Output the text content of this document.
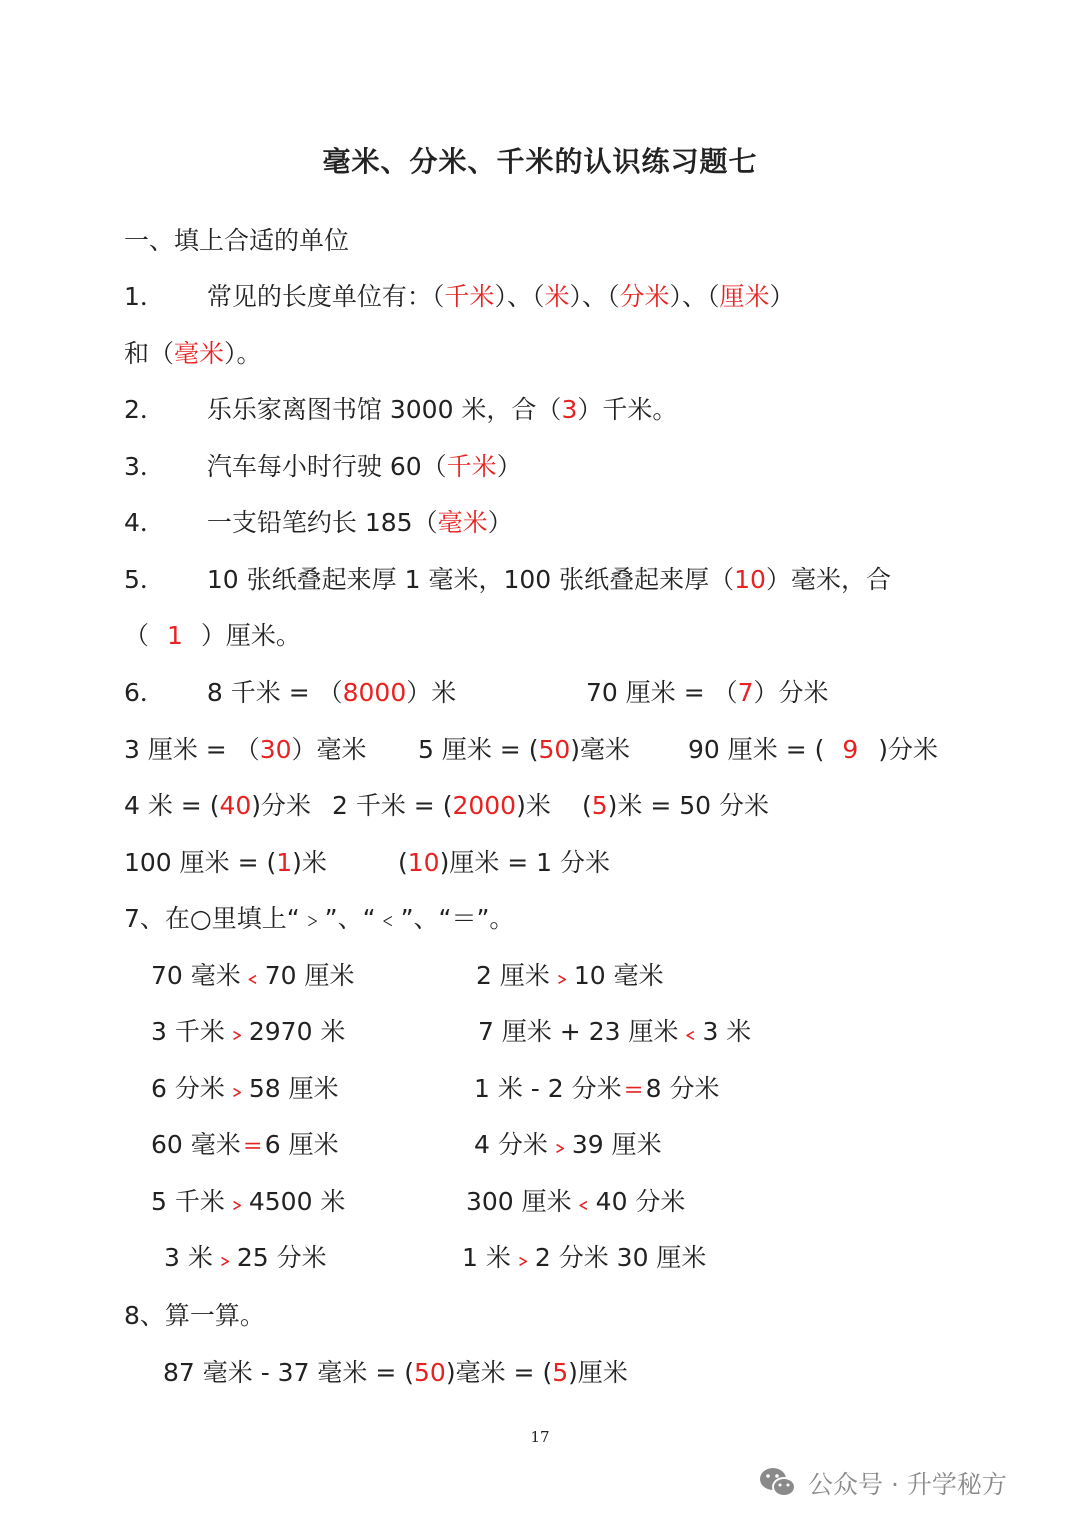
毫米、分米、千米的认识练习题七
一、填上合适的单位
1． 常见的长度单位有：（千米）、（米）、（分米）、（厘米）
和（毫米）。
2． 乐乐家离图书馆 3000 米，合（3）千米。
3． 汽车每小时行驶 60（千米）
4． 一支铅笔约长 185（毫米）
5． 10 张纸叠起来厚 1 毫米，100 张纸叠起来厚（10）毫米，合
（ 1 ）厘米。
6． 8 千米 = （8000）米	70 厘米 = （7）分米
3 厘米 = （30）毫米 5 厘米 = (50)毫米 90 厘米 = ( 9 )分米
4 米 = (40)分米 2 千米 = (2000)米 (5)米 = 50 分米
100 厘米 = (1)米	(10)厘米 = 1 分米
7、在○里填上“﹥”、“﹤”、“＝”。
70 毫米 ﹤70 厘米	2 厘米 ﹥10 毫米
3 千米 ﹥2970 米	7 厘米 + 23 厘米 ﹤3 米
6 分米 ﹥58 厘米	1 米 - 2 分米 ＝8 分米
60 毫米 ＝6 厘米	4 分米 ﹥39 厘米
5 千米 ﹥4500 米	300 厘米 ﹤40 分米
3 米 ﹥25 分米	1 米 ﹥2 分米 30 厘米
8、算一算。
87 毫米 - 37 毫米 = (50)毫米 = (5)厘米
17
公众号 · 升学秘方
